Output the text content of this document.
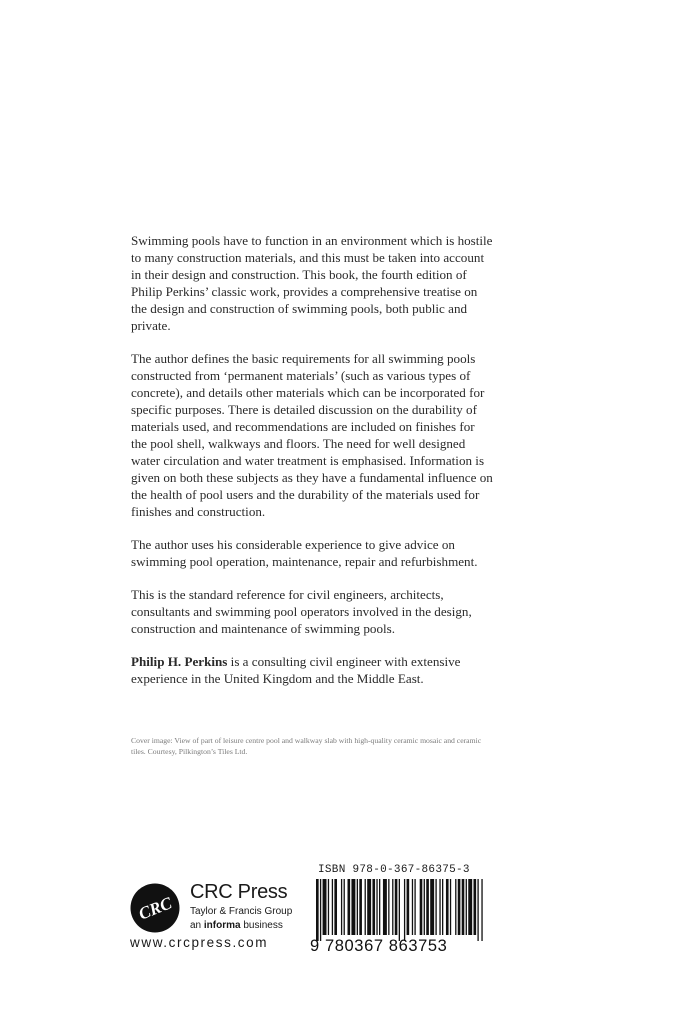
Swimming pools have to function in an environment which is hostile to many construction materials, and this must be taken into account in their design and construction. This book, the fourth edition of Philip Perkins’ classic work, provides a comprehensive treatise on the design and construction of swimming pools, both public and private.

The author defines the basic requirements for all swimming pools constructed from ‘permanent materials’ (such as various types of concrete), and details other materials which can be incorporated for specific purposes. There is detailed discussion on the durability of materials used, and recommendations are included on finishes for the pool shell, walkways and floors. The need for well designed water circulation and water treatment is emphasised. Information is given on both these subjects as they have a fundamental influence on the health of pool users and the durability of the materials used for finishes and construction.

The author uses his considerable experience to give advice on swimming pool operation, maintenance, repair and refurbishment.

This is the standard reference for civil engineers, architects, consultants and swimming pool operators involved in the design, construction and maintenance of swimming pools.

Philip H. Perkins is a consulting civil engineer with extensive experience in the United Kingdom and the Middle East.

Cover image: View of part of leisure centre pool and walkway slab with high-quality ceramic mosaic and ceramic tiles. Courtesy, Pilkington’s Tiles Ltd.
CRC
CRC Press
Taylor & Francis Group
an informa business
www.crcpress.com
ISBN 978-0-367-86375-3
9 780367 863753
